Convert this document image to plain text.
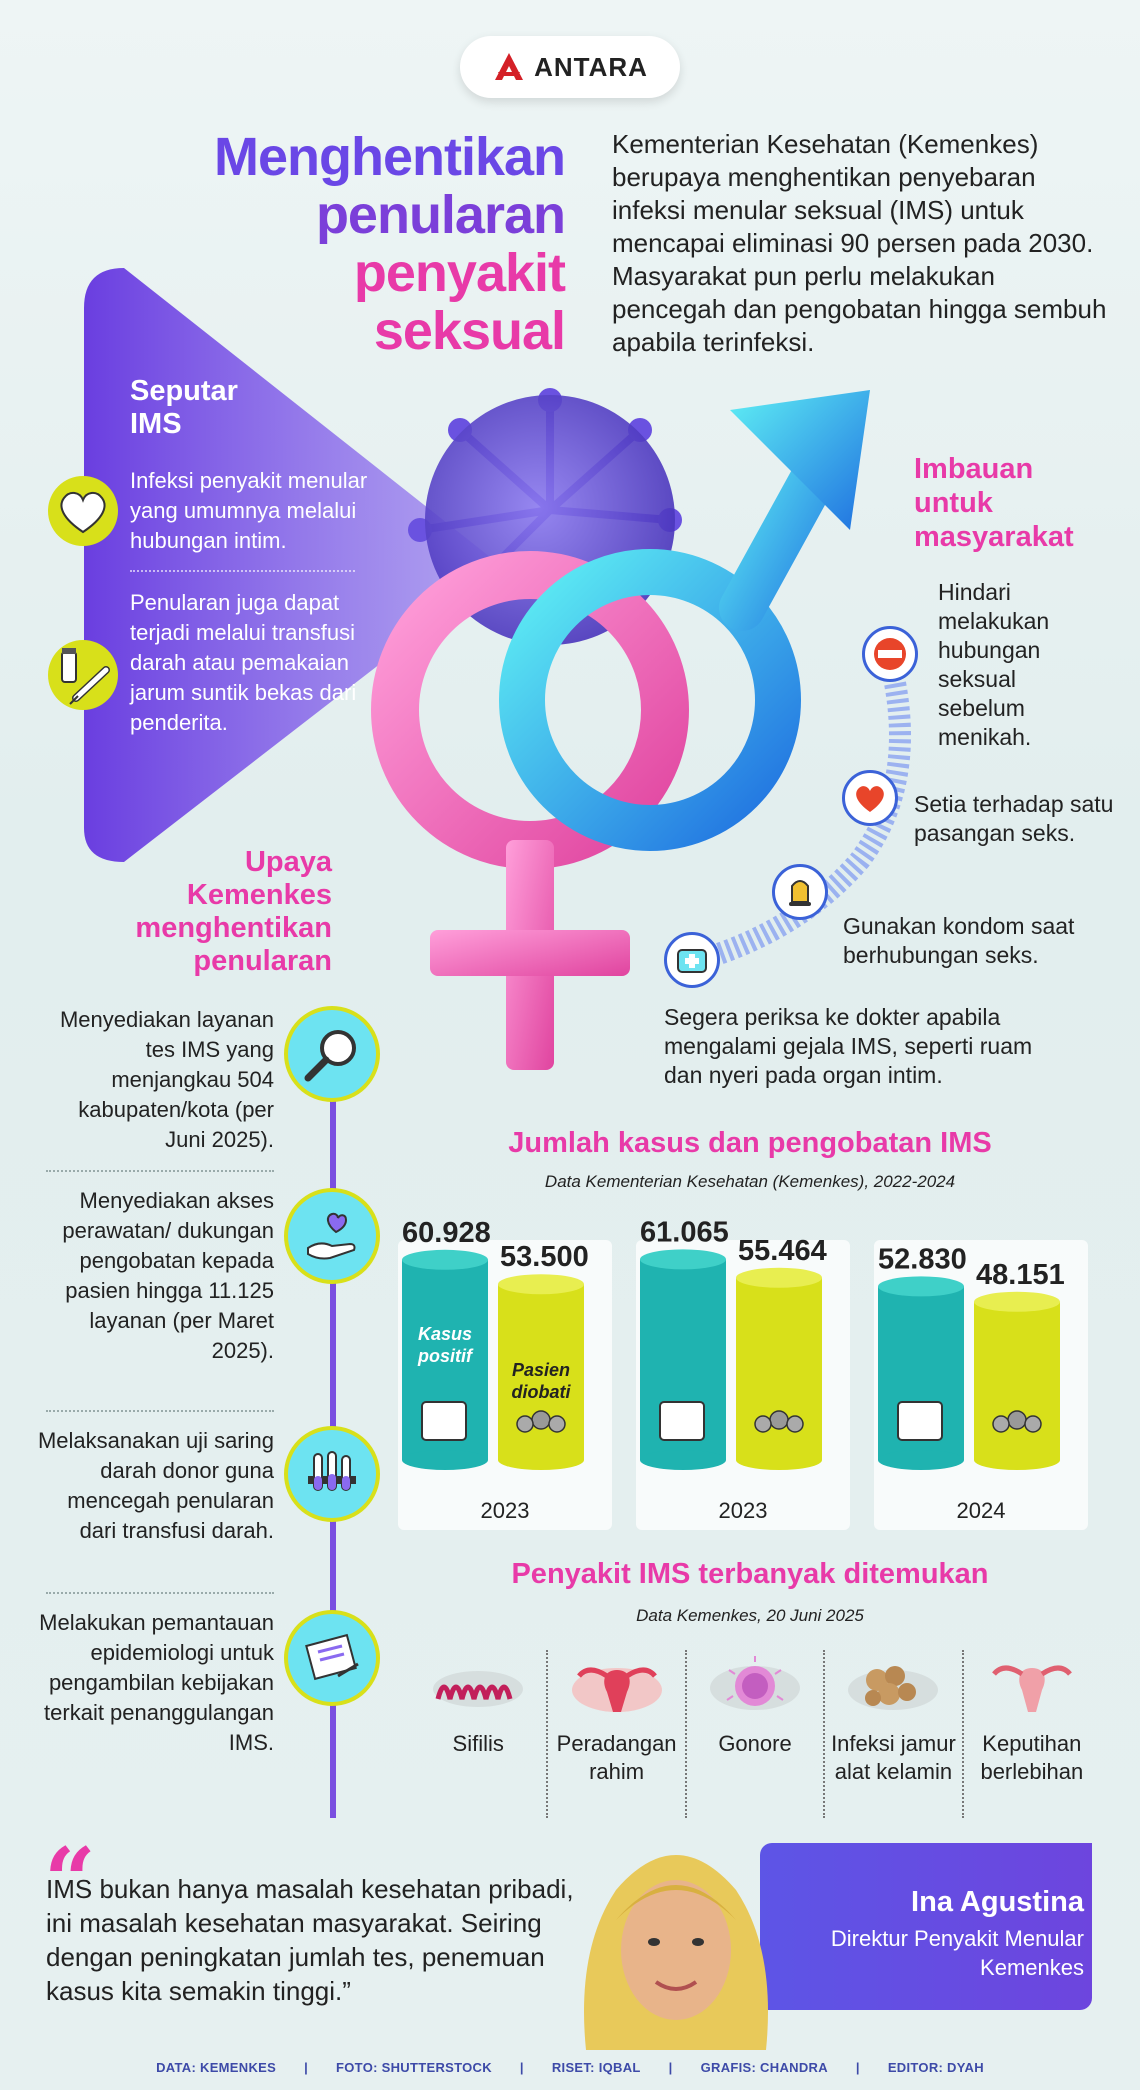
ANTARA
Menghentikan
penularan
penyakit
seksual
Kementerian Kesehatan (Kemenkes) berupaya menghentikan penyebaran infeksi menular seksual (IMS) untuk mencapai eliminasi 90 persen pada 2030. Masyarakat pun perlu melakukan pencegah dan pengobatan hingga sembuh apabila terinfeksi.
Seputar
IMS
Infeksi penyakit menular yang umumnya melalui hubungan intim.
Penularan juga dapat terjadi melalui transfusi darah atau pemakaian jarum suntik bekas dari penderita.
Imbauan
untuk
masyarakat
Hindari melakukan hubungan seksual sebelum menikah.
Setia terhadap satu pasangan seks.
Gunakan kondom saat berhubungan seks.
Segera periksa ke dokter apabila mengalami gejala IMS, seperti ruam dan nyeri pada organ intim.
Upaya
Kemenkes
menghentikan
penularan
Menyediakan layanan tes IMS yang menjangkau 504 kabupaten/kota (per Juni 2025).
Menyediakan akses perawatan/ dukungan pengobatan kepada pasien hingga 11.125 layanan (per Maret 2025).
Melaksanakan uji saring darah donor guna mencegah penularan dari transfusi darah.
Melakukan pemantauan epidemiologi untuk pengambilan kebijakan terkait penanggulangan IMS.
Jumlah kasus dan pengobatan IMS
Data Kementerian Kesehatan (Kemenkes), 2022-2024
60.928
53.500
2023
61.065
55.464
2023
52.830 48.151
2024
Kasus
positif
Pasien
diobati
Penyakit IMS terbanyak ditemukan
Data Kemenkes, 20 Juni 2025
Sifilis	Peradangan rahim
Gonore Infeksi jamur alat kelamin
Keputihan berlebihan
“
IMS bukan hanya masalah kesehatan pribadi, ini masalah kesehatan masyarakat. Seiring dengan peningkatan jumlah tes, penemuan kasus kita semakin tinggi.”
Ina Agustina
Direktur Penyakit Menular Kemenkes
DATA: KEMENKES | FOTO: SHUTTERSTOCK | RISET: IQBAL | GRAFIS: CHANDRA | EDITOR: DYAH
